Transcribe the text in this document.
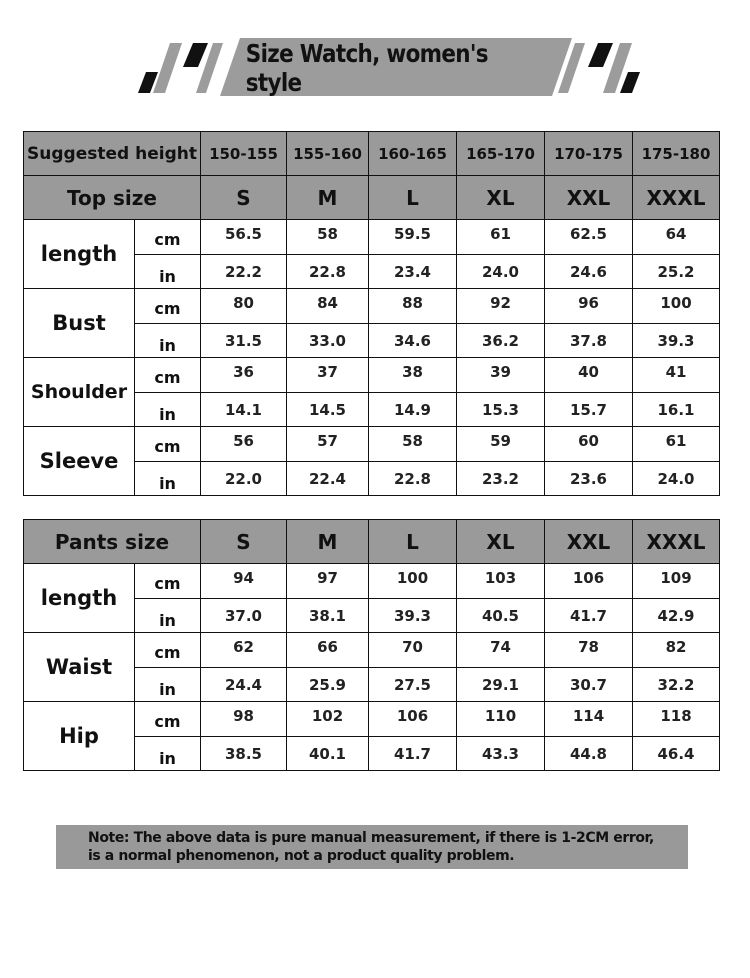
Size Watch, women's style
Suggested height		150-155	155-160	160-165	165-170	170-175	175-180
Top size		S	M	L	XL	XXL	XXXL
length	cm	56.5	58	59.5	61	62.5	64
	in	22.2	22.8	23.4	24.0	24.6	25.2
Bust	cm	80	84	88	92	96	100
	in	31.5	33.0	34.6	36.2	37.8	39.3
Shoulder	cm	36	37	38	39	40	41
	in	14.1	14.5	14.9	15.3	15.7	16.1
Sleeve	cm	56	57	58	59	60	61
	in	22.0	22.4	22.8	23.2	23.6	24.0
Pants size		S	M	L	XL	XXL	XXXL
length	cm	94	97	100	103	106	109
	in	37.0	38.1	39.3	40.5	41.7	42.9
Waist	cm	62	66	70	74	78	82
	in	24.4	25.9	27.5	29.1	30.7	32.2
Hip	cm	98	102	106	110	114	118
	in	38.5	40.1	41.7	43.3	44.8	46.4
Note: The above data is pure manual measurement, if there is 1-2CM error,
is a normal phenomenon, not a product quality problem.
